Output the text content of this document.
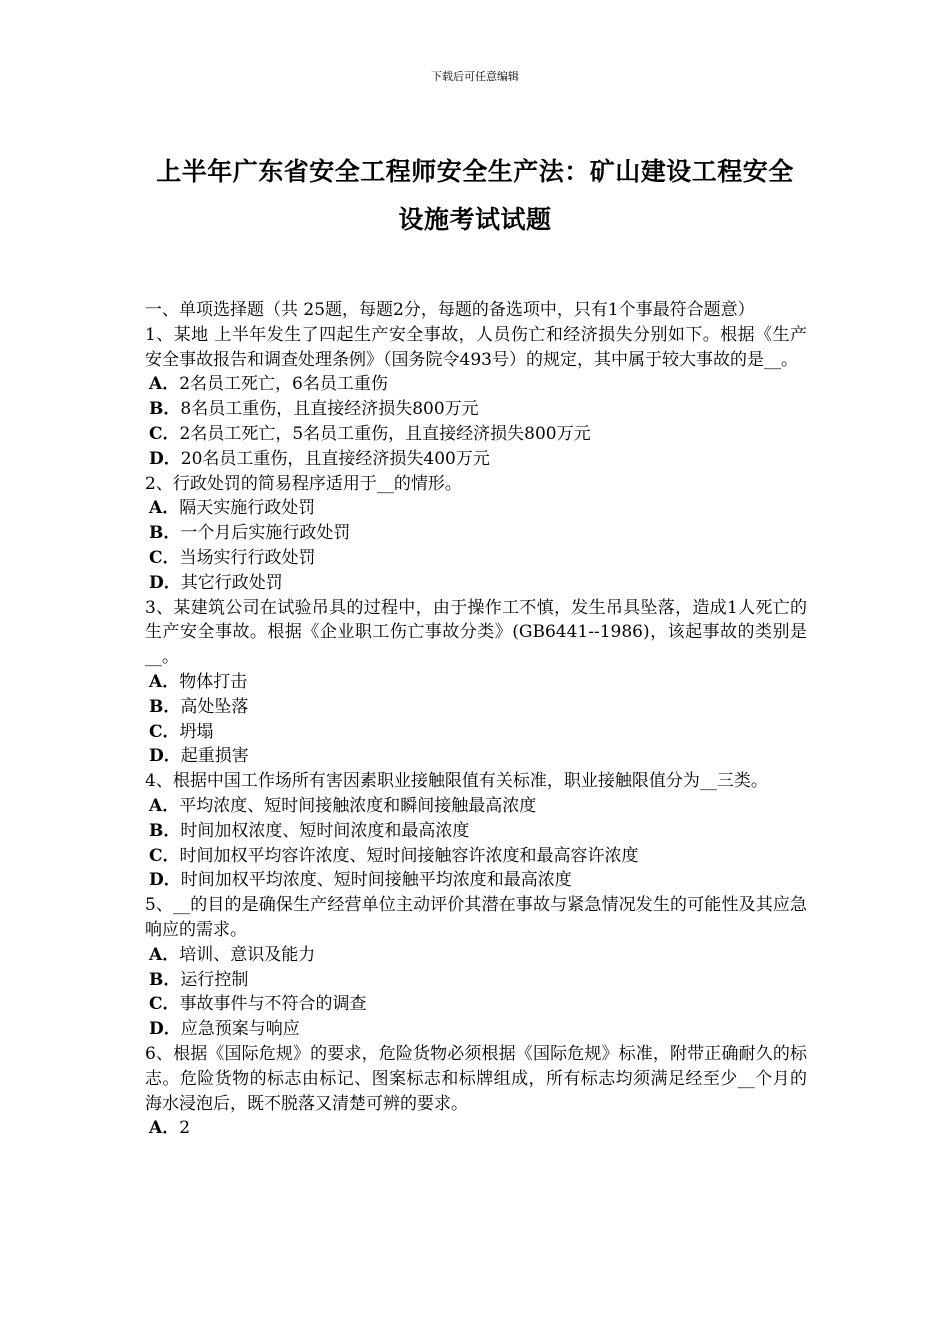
下载后可任意编辑
上半年广东省安全工程师安全生产法：矿山建设工程安全设施考试试题

一、单项选择题（共 25题，每题2分，每题的备选项中，只有1个事最符合题意）

1、某地 上半年发生了四起生产安全事故，人员伤亡和经济损失分别如下。根据《生产安全事故报告和调查处理条例》（国务院令493号）的规定，其中属于较大事故的是__。

A．2名员工死亡，6名员工重伤

B．8名员工重伤，且直接经济损失800万元

C．2名员工死亡，5名员工重伤，且直接经济损失800万元

D．20名员工重伤，且直接经济损失400万元

2、行政处罚的简易程序适用于__的情形。

A．隔天实施行政处罚

B．一个月后实施行政处罚

C．当场实行行政处罚

D．其它行政处罚

3、某建筑公司在试验吊具的过程中，由于操作工不慎，发生吊具坠落，造成1人死亡的生产安全事故。根据《企业职工伤亡事故分类》(GB6441--1986)，该起事故的类别是__。

A．物体打击

B．高处坠落

C．坍塌

D．起重损害

4、根据中国工作场所有害因素职业接触限值有关标准，职业接触限值分为__三类。

A．平均浓度、短时间接触浓度和瞬间接触最高浓度

B．时间加权浓度、短时间浓度和最高浓度

C．时间加权平均容许浓度、短时间接触容许浓度和最高容许浓度

D．时间加权平均浓度、短时间接触平均浓度和最高浓度

5、__的目的是确保生产经营单位主动评价其潜在事故与紧急情况发生的可能性及其应急响应的需求。

A．培训、意识及能力

B．运行控制

C．事故事件与不符合的调查

D．应急预案与响应

6、根据《国际危规》的要求，危险货物必须根据《国际危规》标准，附带正确耐久的标志。危险货物的标志由标记、图案标志和标牌组成，所有标志均须满足经至少__个月的海水浸泡后，既不脱落又清楚可辨的要求。

A．2
